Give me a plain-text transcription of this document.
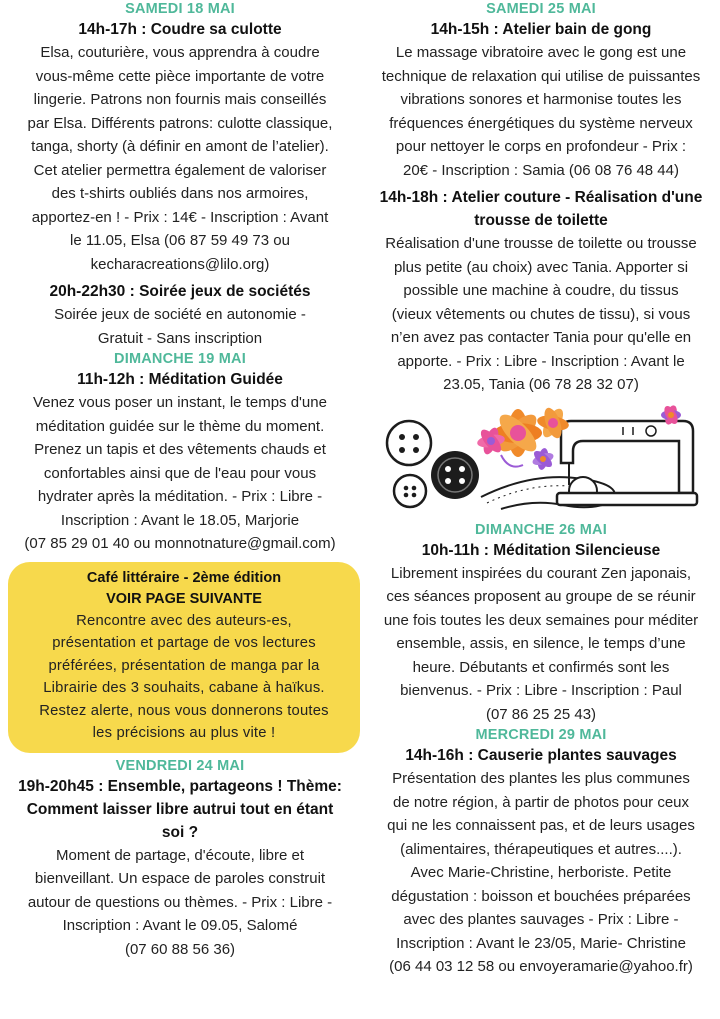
SAMEDI 18 MAI

14h-17h : Coudre sa culotte

Elsa, couturière, vous apprendra à coudre

vous-même cette pièce importante de votre

lingerie. Patrons non fournis mais conseillés

par Elsa. Différents patrons: culotte classique,

tanga, shorty (à définir en amont de l’atelier).

Cet atelier permettra également de valoriser

des t-shirts oubliés dans nos armoires,

apportez-en ! - Prix : 14€ - Inscription : Avant

le 11.05, Elsa (06 87 59 49 73 ou

kecharacreations@lilo.org)

20h-22h30 : Soirée jeux de sociétés

Soirée jeux de société en autonomie -

Gratuit - Sans inscription

DIMANCHE 19 MAI

11h-12h : Méditation Guidée

Venez vous poser un instant, le temps d'une

méditation guidée sur le thème du moment.

Prenez un tapis et des vêtements chauds et

confortables ainsi que de l'eau pour vous

hydrater après la méditation. - Prix : Libre -

Inscription : Avant le 18.05, Marjorie

(07 85 29 01 40 ou monnotnature@gmail.com)

Café littéraire - 2ème édition

VOIR PAGE SUIVANTE

Rencontre avec des auteurs-es,

présentation et partage de vos lectures

préférées, présentation de manga par la

Librairie des 3 souhaits, cabane à haïkus.

Restez alerte, nous vous donnerons toutes

les précisions au plus vite !

VENDREDI 24 MAI

19h-20h45 : Ensemble, partageons ! Thème:

Comment laisser libre autrui tout en étant

soi ?

Moment de partage, d'écoute, libre et

bienveillant. Un espace de paroles construit

autour de questions ou thèmes. - Prix : Libre -

Inscription : Avant le 09.05, Salomé

(07 60 88 56 36)

SAMEDI 25 MAI

14h-15h : Atelier bain de gong

Le massage vibratoire avec le gong est une

technique de relaxation qui utilise de puissantes

vibrations sonores et harmonise toutes les

fréquences énergétiques du système nerveux

pour nettoyer le corps en profondeur - Prix :

20€ - Inscription : Samia (06 08 76 48 44)

14h-18h : Atelier couture - Réalisation d'une

trousse de toilette

Réalisation d'une trousse de toilette ou trousse

plus petite (au choix) avec Tania. Apporter si

possible une machine à coudre, du tissus

(vieux vêtements ou chutes de tissu), si vous

n’en avez pas contacter Tania pour qu'elle en

apporte. - Prix : Libre - Inscription : Avant le

23.05, Tania (06 78 28 32 07)

DIMANCHE 26 MAI

10h-11h : Méditation Silencieuse

Librement inspirées du courant Zen japonais,

ces séances proposent au groupe de se réunir

une fois toutes les deux semaines pour méditer

ensemble, assis, en silence, le temps d’une

heure. Débutants et confirmés sont les

bienvenus. - Prix : Libre - Inscription : Paul

(07 86 25 25 43)

MERCREDI 29 MAI

14h-16h : Causerie plantes sauvages

Présentation des plantes les plus communes

de notre région, à partir de photos pour ceux

qui ne les connaissent pas, et de leurs usages

(alimentaires, thérapeutiques et autres....).

Avec Marie-Christine, herboriste. Petite

dégustation : boisson et bouchées préparées

avec des plantes sauvages - Prix : Libre -

Inscription : Avant le 23/05, Marie- Christine

(06 44 03 12 58 ou envoyeramarie@yahoo.fr)
